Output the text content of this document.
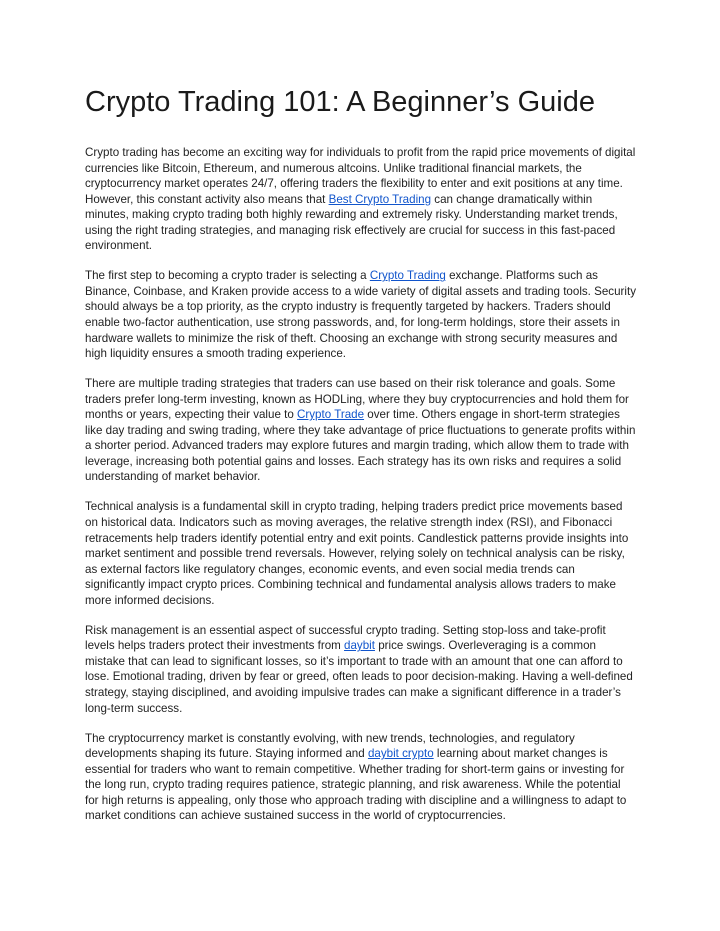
Crypto Trading 101: A Beginner’s Guide

Crypto trading has become an exciting way for individuals to profit from the rapid price movements of digital currencies like Bitcoin, Ethereum, and numerous altcoins. Unlike traditional financial markets, the cryptocurrency market operates 24/7, offering traders the flexibility to enter and exit positions at any time. However, this constant activity also means that Best Crypto Trading can change dramatically within minutes, making crypto trading both highly rewarding and extremely risky. Understanding market trends, using the right trading strategies, and managing risk effectively are crucial for success in this fast-paced environment.

The first step to becoming a crypto trader is selecting a Crypto Trading exchange. Platforms such as Binance, Coinbase, and Kraken provide access to a wide variety of digital assets and trading tools. Security should always be a top priority, as the crypto industry is frequently targeted by hackers. Traders should enable two-factor authentication, use strong passwords, and, for long-term holdings, store their assets in hardware wallets to minimize the risk of theft. Choosing an exchange with strong security measures and high liquidity ensures a smooth trading experience.

There are multiple trading strategies that traders can use based on their risk tolerance and goals. Some traders prefer long-term investing, known as HODLing, where they buy cryptocurrencies and hold them for months or years, expecting their value to Crypto Trade over time. Others engage in short-term strategies like day trading and swing trading, where they take advantage of price fluctuations to generate profits within a shorter period. Advanced traders may explore futures and margin trading, which allow them to trade with leverage, increasing both potential gains and losses. Each strategy has its own risks and requires a solid understanding of market behavior.

Technical analysis is a fundamental skill in crypto trading, helping traders predict price movements based on historical data. Indicators such as moving averages, the relative strength index (RSI), and Fibonacci retracements help traders identify potential entry and exit points. Candlestick patterns provide insights into market sentiment and possible trend reversals. However, relying solely on technical analysis can be risky, as external factors like regulatory changes, economic events, and even social media trends can significantly impact crypto prices. Combining technical and fundamental analysis allows traders to make more informed decisions.

Risk management is an essential aspect of successful crypto trading. Setting stop-loss and take-profit levels helps traders protect their investments from daybit price swings. Overleveraging is a common mistake that can lead to significant losses, so it’s important to trade with an amount that one can afford to lose. Emotional trading, driven by fear or greed, often leads to poor decision-making. Having a well-defined strategy, staying disciplined, and avoiding impulsive trades can make a significant difference in a trader’s long-term success.

The cryptocurrency market is constantly evolving, with new trends, technologies, and regulatory developments shaping its future. Staying informed and daybit crypto learning about market changes is essential for traders who want to remain competitive. Whether trading for short-term gains or investing for the long run, crypto trading requires patience, strategic planning, and risk awareness. While the potential for high returns is appealing, only those who approach trading with discipline and a willingness to adapt to market conditions can achieve sustained success in the world of cryptocurrencies.
